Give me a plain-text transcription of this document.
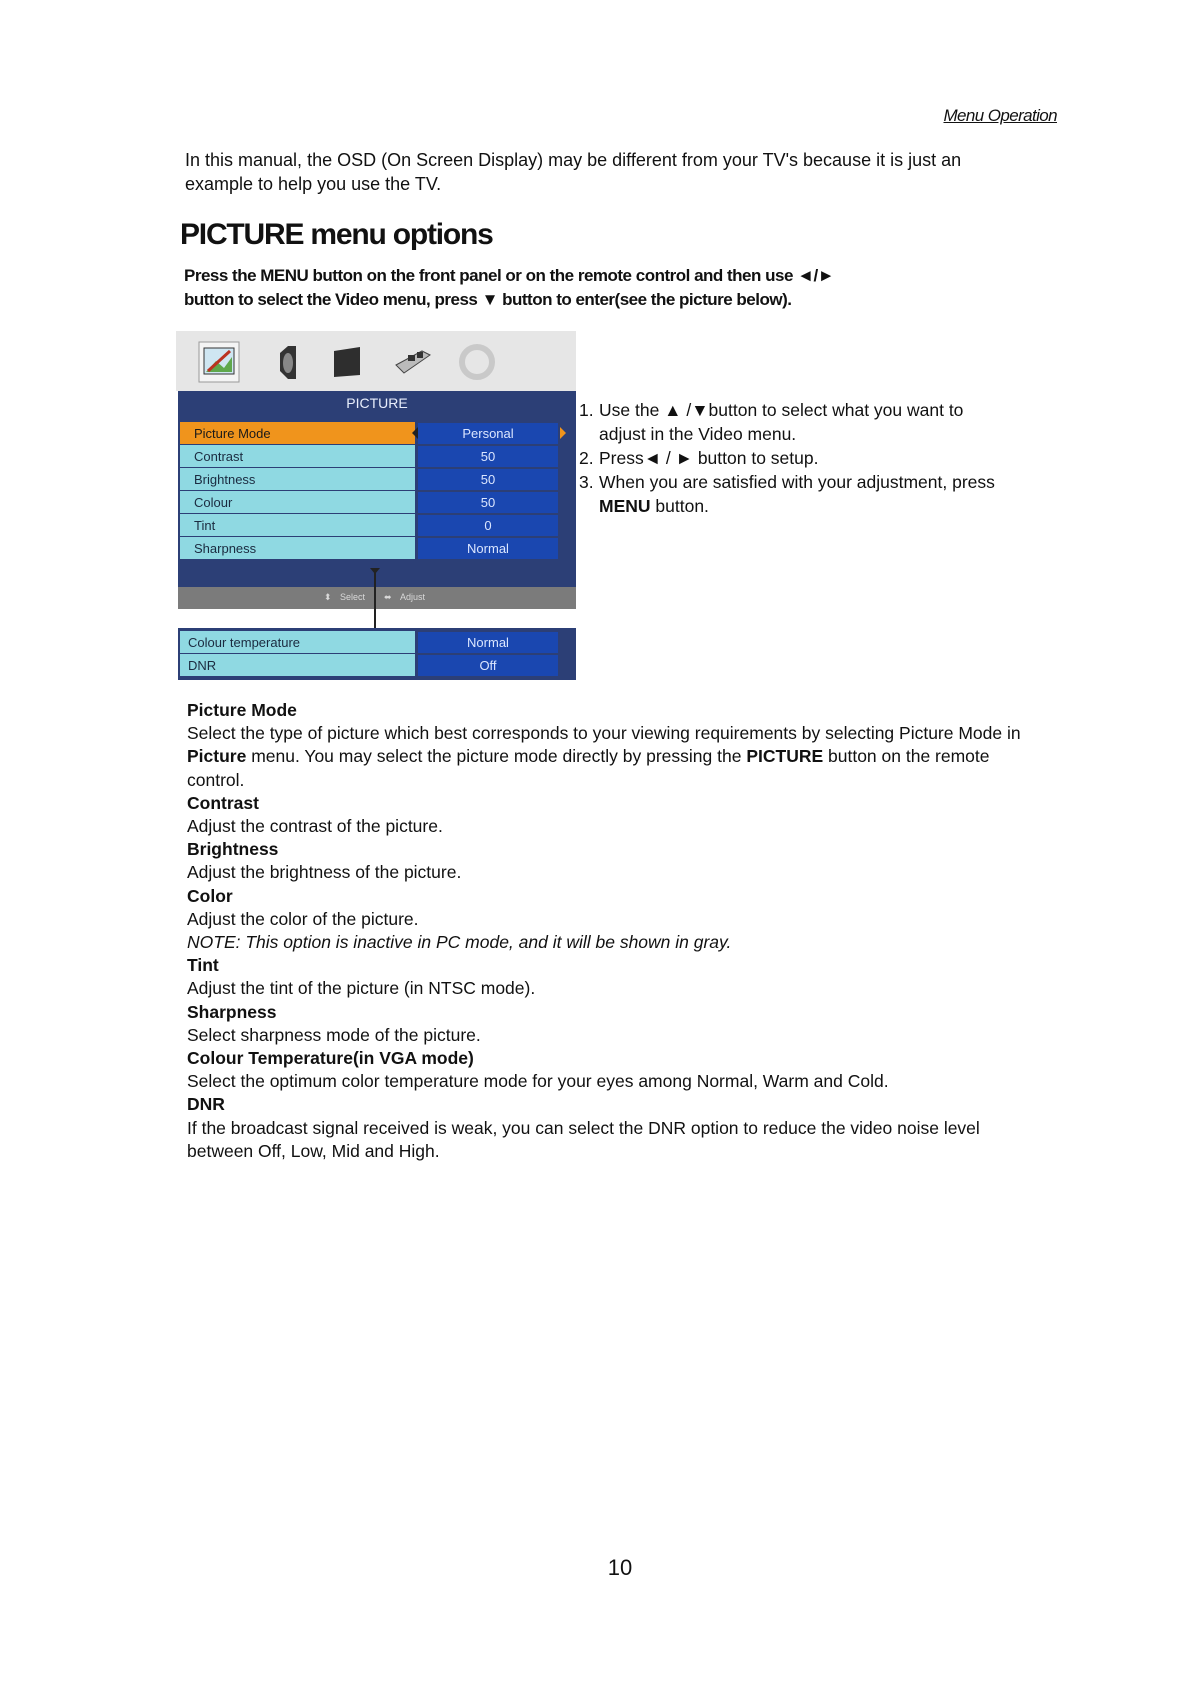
Menu Operation

In this manual, the OSD (On Screen Display) may be different from your TV's because it is just an example to help you use the TV.

PICTURE menu options
Press the MENU button on the front panel or on the remote control and then use ◄/►
button to select the Video menu, press ▼ button to enter(see the picture below).
PICTURE
Picture Mode	Personal
Contrast	50
Brightness	50
Colour	50
Tint	0
Sharpness	Normal
⬍ Select ⬌ Adjust
Colour temperature	Normal
DNR	Off
1. Use the ▲ /▼button to select what you want to
adjust in the Video menu.
2. Press◄ / ► button to setup.
3. When you are satisfied with your adjustment, press
MENU button.
Picture Mode
Select the type of picture which best corresponds to your viewing requirements by selecting Picture Mode in
Picture menu. You may select the picture mode directly by pressing the PICTURE button on the remote
control.
Contrast
Adjust the contrast of the picture.
Brightness
Adjust the brightness of the picture.
Color
Adjust the color of the picture.
NOTE: This option is inactive in PC mode, and it will be shown in gray.
Tint
Adjust the tint of the picture (in NTSC mode).
Sharpness
Select sharpness mode of the picture.
Colour Temperature(in VGA mode)
Select the optimum color temperature mode for your eyes among Normal, Warm and Cold.
DNR
If the broadcast signal received is weak, you can select the DNR option to reduce the video noise level
between Off, Low, Mid and High.
10
